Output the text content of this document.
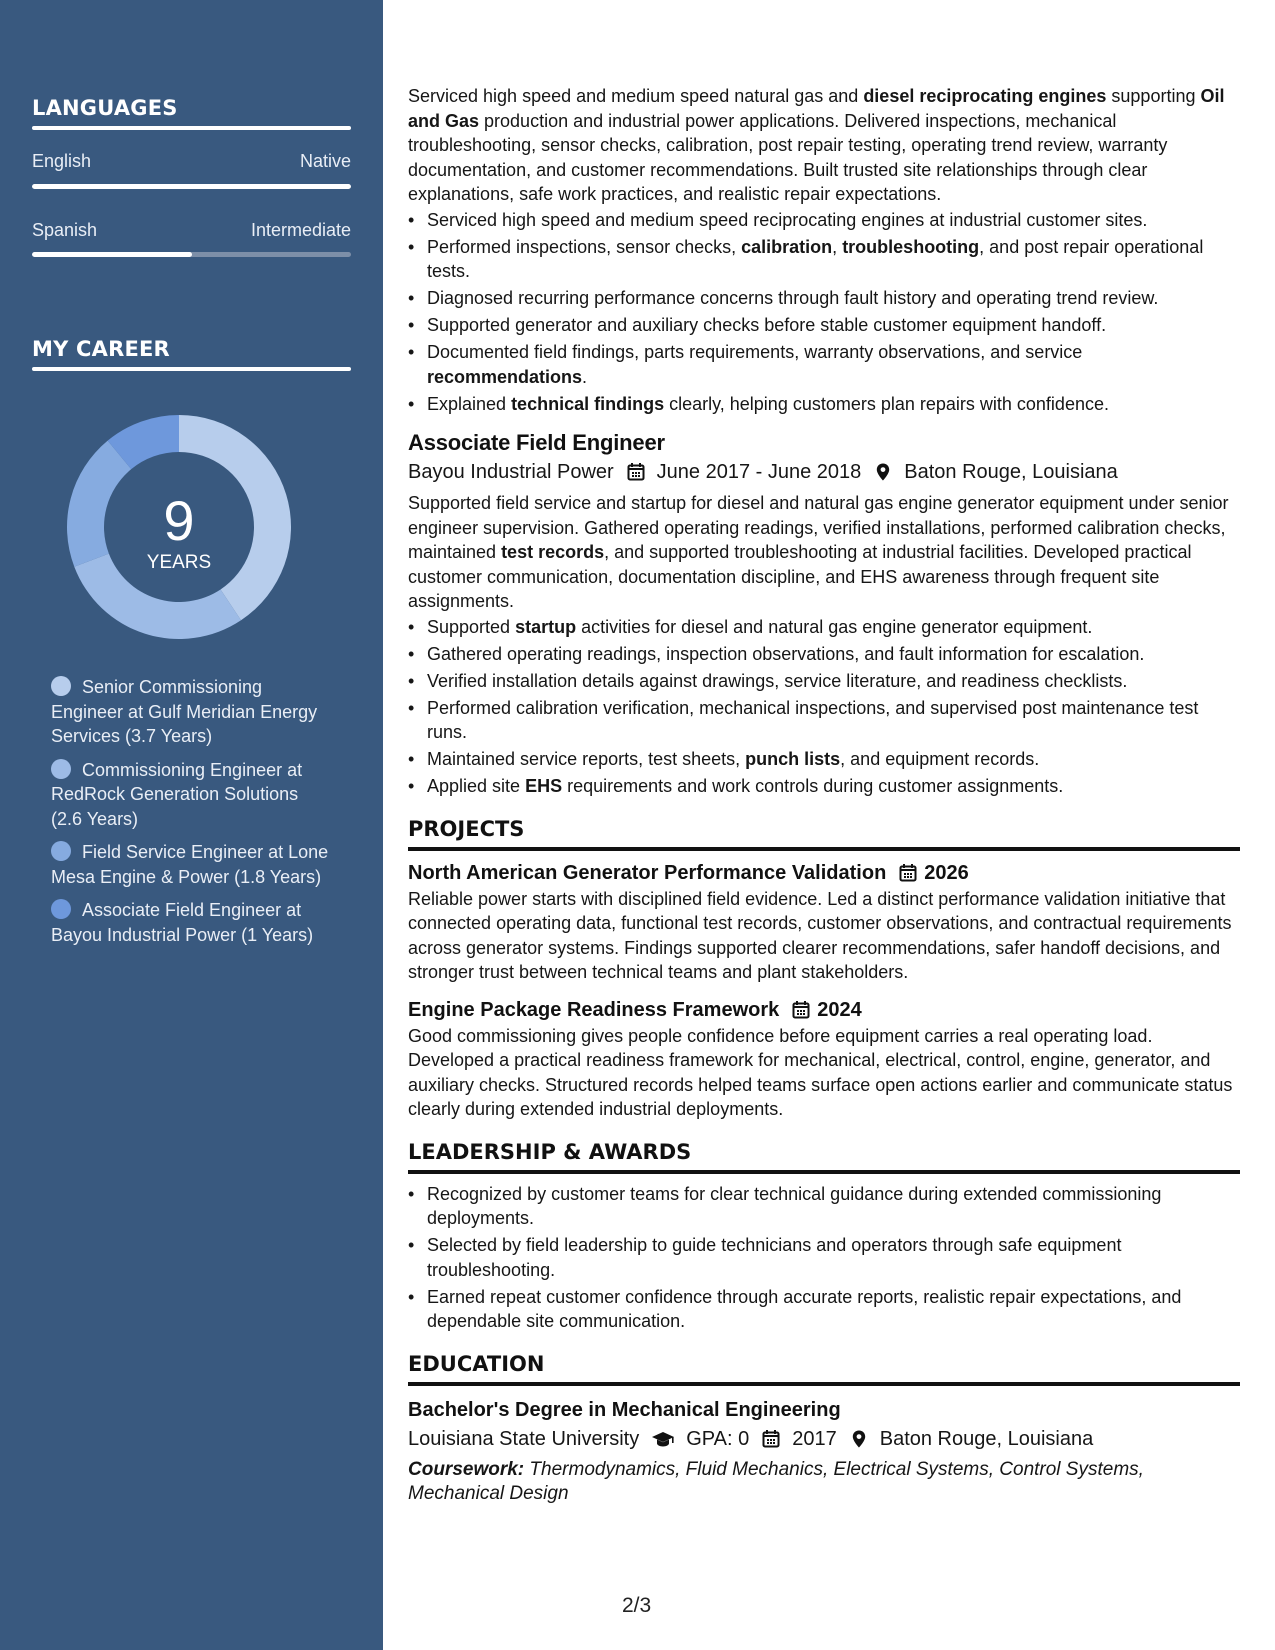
LANGUAGES
English	Native
Spanish	Intermediate
MY CAREER
9
YEARS
Senior Commissioning Engineer at Gulf Meridian Energy Services (3.7 Years)
Commissioning Engineer at RedRock Generation Solutions (2.6 Years)
Field Service Engineer at Lone Mesa Engine & Power (1.8 Years)
Associate Field Engineer at Bayou Industrial Power (1 Years)

Serviced high speed and medium speed natural gas and diesel reciprocating engines supporting Oil and Gas production and industrial power applications. Delivered inspections, mechanical troubleshooting, sensor checks, calibration, post repair testing, operating trend review, warranty documentation, and customer recommendations. Built trusted site relationships through clear explanations, safe work practices, and realistic repair expectations.

• Serviced high speed and medium speed reciprocating engines at industrial customer sites.
• Performed inspections, sensor checks, calibration, troubleshooting, and post repair operational tests.
• Diagnosed recurring performance concerns through fault history and operating trend review.
• Supported generator and auxiliary checks before stable customer equipment handoff.
• Documented field findings, parts requirements, warranty observations, and service recommendations.
• Explained technical findings clearly, helping customers plan repairs with confidence.
Associate Field Engineer
Bayou Industrial Power June 2017 - June 2018 Baton Rouge, Louisiana

Supported field service and startup for diesel and natural gas engine generator equipment under senior engineer supervision. Gathered operating readings, verified installations, performed calibration checks, maintained test records, and supported troubleshooting at industrial facilities. Developed practical customer communication, documentation discipline, and EHS awareness through frequent site assignments.

• Supported startup activities for diesel and natural gas engine generator equipment.
• Gathered operating readings, inspection observations, and fault information for escalation.
• Verified installation details against drawings, service literature, and readiness checklists.
• Performed calibration verification, mechanical inspections, and supervised post maintenance test runs.
• Maintained service reports, test sheets, punch lists, and equipment records.
• Applied site EHS requirements and work controls during customer assignments.
PROJECTS
North American Generator Performance Validation 2026

Reliable power starts with disciplined field evidence. Led a distinct performance validation initiative that connected operating data, functional test records, customer observations, and contractual requirements across generator systems. Findings supported clearer recommendations, safer handoff decisions, and stronger trust between technical teams and plant stakeholders.

Engine Package Readiness Framework 2024

Good commissioning gives people confidence before equipment carries a real operating load. Developed a practical readiness framework for mechanical, electrical, control, engine, generator, and auxiliary checks. Structured records helped teams surface open actions earlier and communicate status clearly during extended industrial deployments.

LEADERSHIP & AWARDS
• Recognized by customer teams for clear technical guidance during extended commissioning deployments.
• Selected by field leadership to guide technicians and operators through safe equipment troubleshooting.
• Earned repeat customer confidence through accurate reports, realistic repair expectations, and dependable site communication.
EDUCATION
Bachelor's Degree in Mechanical Engineering
Louisiana State University GPA: 0 2017 Baton Rouge, Louisiana

Coursework: Thermodynamics, Fluid Mechanics, Electrical Systems, Control Systems, Mechanical Design

2/3
